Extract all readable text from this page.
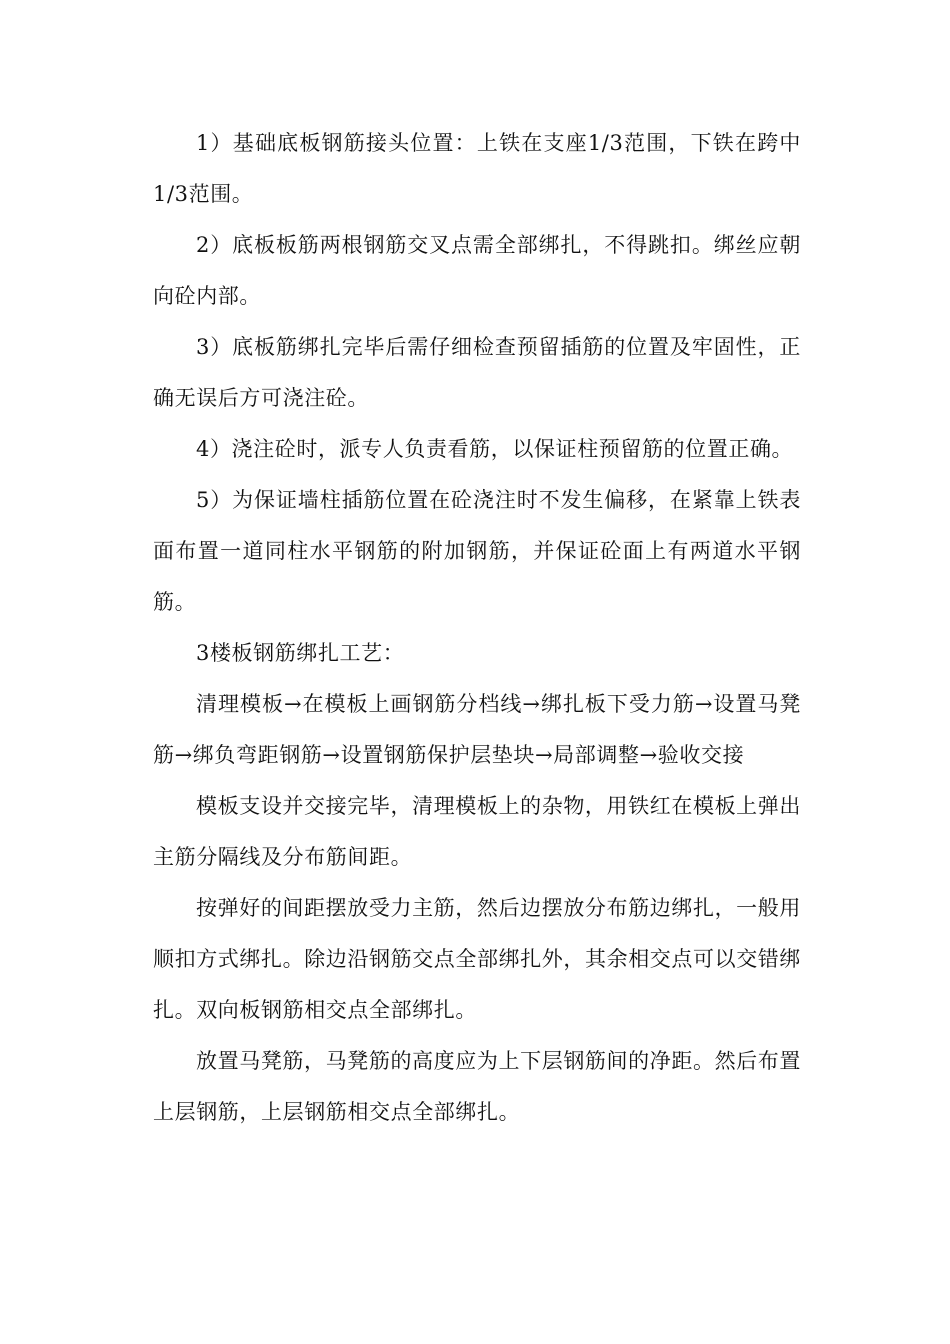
1）基础底板钢筋接头位置：上铁在支座1/3范围，下铁在跨中1/3范围。

2）底板板筋两根钢筋交叉点需全部绑扎，不得跳扣。绑丝应朝向砼内部。

3）底板筋绑扎完毕后需仔细检查预留插筋的位置及牢固性，正确无误后方可浇注砼。

4）浇注砼时，派专人负责看筋，以保证柱预留筋的位置正确。

5）为保证墙柱插筋位置在砼浇注时不发生偏移，在紧靠上铁表面布置一道同柱水平钢筋的附加钢筋，并保证砼面上有两道水平钢筋。

3楼板钢筋绑扎工艺：

清理模板→在模板上画钢筋分档线→绑扎板下受力筋→设置马凳筋→绑负弯距钢筋→设置钢筋保护层垫块→局部调整→验收交接

模板支设并交接完毕，清理模板上的杂物，用铁红在模板上弹出主筋分隔线及分布筋间距。

按弹好的间距摆放受力主筋，然后边摆放分布筋边绑扎，一般用顺扣方式绑扎。除边沿钢筋交点全部绑扎外，其余相交点可以交错绑扎。双向板钢筋相交点全部绑扎。

放置马凳筋，马凳筋的高度应为上下层钢筋间的净距。然后布置上层钢筋，上层钢筋相交点全部绑扎。
